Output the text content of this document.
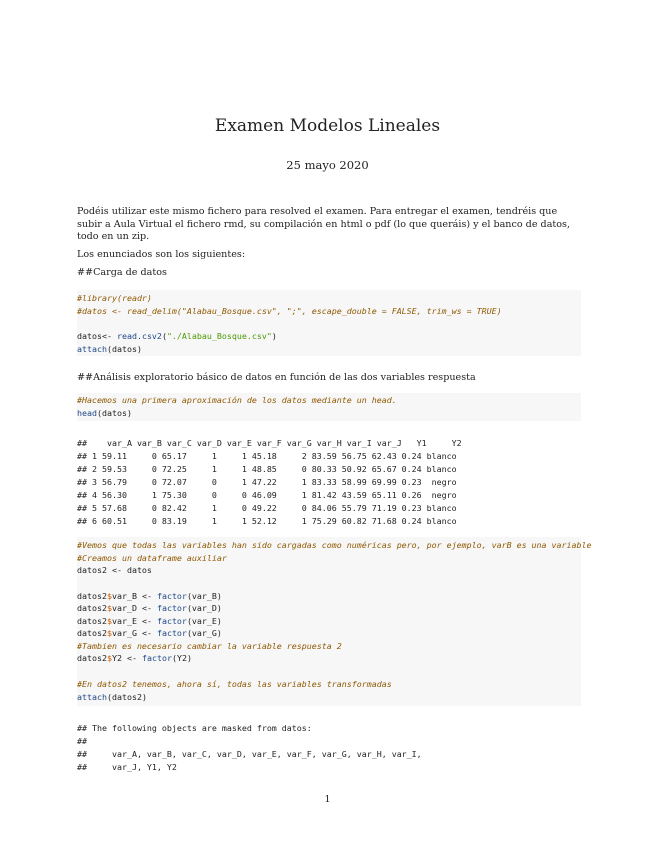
Examen Modelos Lineales
25 mayo 2020
Podéis utilizar este mismo fichero para resolved el examen. Para entregar el examen, tendréis que subir a Aula Virtual el fichero rmd, su compilación en html o pdf (lo que queráis) y el banco de datos, todo en un zip.
Los enunciados son los siguientes:
##Carga de datos
#library(readr)
#datos <- read_delim("Alabau_Bosque.csv", ";", escape_double = FALSE, trim_ws = TRUE)
datos<- read.csv2("./Alabau_Bosque.csv")
attach(datos)
##Análisis exploratorio básico de datos en función de las dos variables respuesta
#Hacemos una primera aproximación de los datos mediante un head.
head(datos)
##    var_A var_B var_C var_D var_E var_F var_G var_H var_I var_J   Y1     Y2
## 1 59.11     0 65.17     1     1 45.18     2 83.59 56.75 62.43 0.24 blanco
## 2 59.53     0 72.25     1     1 48.85     0 80.33 50.92 65.67 0.24 blanco
## 3 56.79     0 72.07     0     1 47.22     1 83.33 58.99 69.99 0.23  negro
## 4 56.30     1 75.30     0     0 46.09     1 81.42 43.59 65.11 0.26  negro
## 5 57.68     0 82.42     1     0 49.22     0 84.06 55.79 71.19 0.23 blanco
## 6 60.51     0 83.19     1     1 52.12     1 75.29 60.82 71.68 0.24 blanco
#Vemos que todas las variables han sido cargadas como numéricas pero, por ejemplo, varB es una variable
#Creamos un dataframe auxiliar
datos2 <- datos
datos2$var_B <- factor(var_B)
datos2$var_D <- factor(var_D)
datos2$var_E <- factor(var_E)
datos2$var_G <- factor(var_G)
#Tambien es necesario cambiar la variable respuesta 2
datos2$Y2 <- factor(Y2)
#En datos2 tenemos, ahora sí, todas las variables transformadas
attach(datos2)
## The following objects are masked from datos:
##
##     var_A, var_B, var_C, var_D, var_E, var_F, var_G, var_H, var_I,
##     var_J, Y1, Y2
1
